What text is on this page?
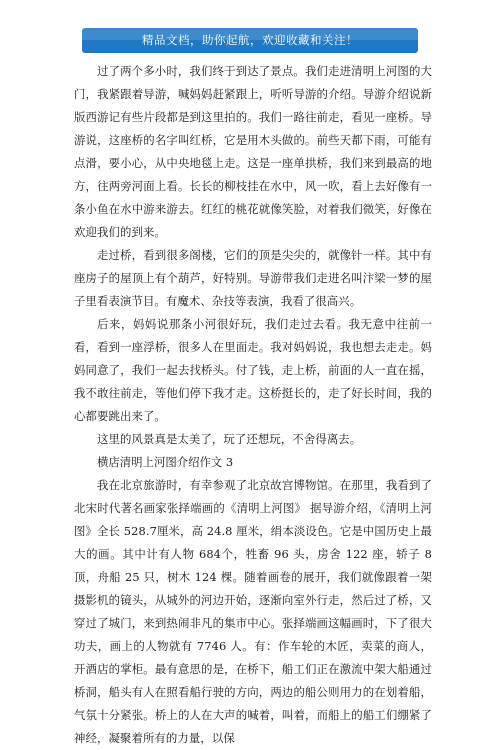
精品文档，助你起航，欢迎收藏和关注！

过了两个多小时，我们终于到达了景点。我们走进清明上河图的大门，我紧跟着导游，喊妈妈赶紧跟上，听听导游的介绍。导游介绍说新版西游记有些片段都是到这里拍的。我们一路往前走，看见一座桥。导游说，这座桥的名字叫红桥，它是用木头做的。前些天都下雨，可能有点滑，要小心，从中央地毯上走。这是一座单拱桥，我们来到最高的地方，往两旁河面上看。长长的柳枝挂在水中，风一吹，看上去好像有一条小鱼在水中游来游去。红红的桃花就像笑脸，对着我们微笑，好像在欢迎我们的到来。

走过桥，看到很多阁楼，它们的顶是尖尖的，就像针一样。其中有座房子的屋顶上有个葫芦，好特别。导游带我们走进名叫汴梁一梦的屋子里看表演节目。有魔术、杂技等表演，我看了很高兴。

后来，妈妈说那条小河很好玩，我们走过去看。我无意中往前一看，看到一座浮桥，很多人在里面走。我对妈妈说，我也想去走走。妈妈同意了，我们一起去找桥头。付了钱，走上桥，前面的人一直在摇，我不敢往前走，等他们停下我才走。这桥挺长的，走了好长时间，我的心都要跳出来了。

这里的风景真是太美了，玩了还想玩，不舍得离去。

横店清明上河图介绍作文 3

我在北京旅游时，有幸参观了北京故宫博物馆。在那里，我看到了北宋时代著名画家张择端画的《清明上河图》 据导游介绍，《清明上河图》全长 528.7厘米，高 24.8 厘米，绢本淡设色。它是中国历史上最大的画。其中计有人物 684个，牲畜 96 头，房舍 122 座，轿子 8 顶，舟船 25 只，树木 124 棵。随着画卷的展开，我们就像跟着一架摄影机的镜头，从城外的河边开始，逐渐向室外行走，然后过了桥，又穿过了城门，来到热闹非凡的集市中心。张择端画这幅画时，下了很大功夫，画上的人物就有 7746 人。有：作车轮的木匠，卖菜的商人，开酒店的掌柜。最有意思的是，在桥下，船工们正在激流中架大船通过桥洞，船头有人在照看船行驶的方向，两边的船公则用力的在划着船，气氛十分紧张。桥上的人在大声的喊着，叫着，而船上的船工们绷紧了神经，凝聚着所有的力量，以保
